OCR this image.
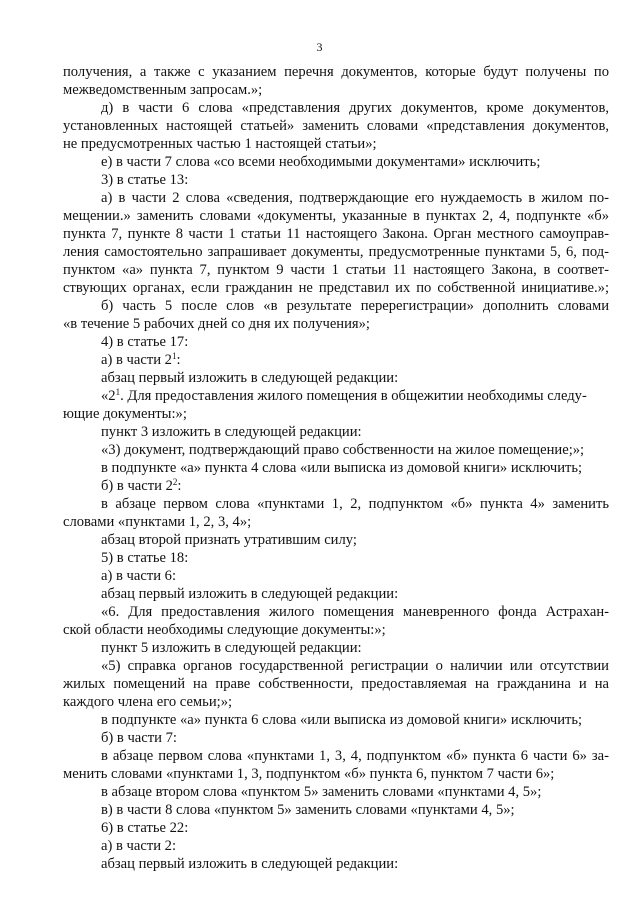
3
получения, а также с указанием перечня документов, которые будут получены по
межведомственным запросам.»;
д) в части 6 слова «представления других документов, кроме документов,
установленных настоящей статьей» заменить словами «представления документов,
не предусмотренных частью 1 настоящей статьи»;
е) в части 7 слова «со всеми необходимыми документами» исключить;
3) в статье 13:
а) в части 2 слова «сведения, подтверждающие его нуждаемость в жилом по-
мещении.» заменить словами «документы, указанные в пунктах 2, 4, подпункте «б»
пункта 7, пункте 8 части 1 статьи 11 настоящего Закона. Орган местного самоуправ-
ления самостоятельно запрашивает документы, предусмотренные пунктами 5, 6, под-
пунктом «а» пункта 7, пунктом 9 части 1 статьи 11 настоящего Закона, в соответ-
ствующих органах, если гражданин не представил их по собственной инициативе.»;
б) часть 5 после слов «в результате перерегистрации» дополнить словами
«в течение 5 рабочих дней со дня их получения»;
4) в статье 17:
а) в части $2^1$:
абзац первый изложить в следующей редакции:
«$2^1$. Для предоставления жилого помещения в общежитии необходимы следу-
ющие документы:»;
пункт 3 изложить в следующей редакции:
«3) документ, подтверждающий право собственности на жилое помещение;»;
в подпункте «а» пункта 4 слова «или выписка из домовой книги» исключить;
б) в части $2^2$:
в абзаце первом слова «пунктами 1, 2, подпунктом «б» пункта 4» заменить
словами «пунктами 1, 2, 3, 4»;
абзац второй признать утратившим силу;
5) в статье 18:
а) в части 6:
абзац первый изложить в следующей редакции:
«6. Для предоставления жилого помещения маневренного фонда Астрахан-
ской области необходимы следующие документы:»;
пункт 5 изложить в следующей редакции:
«5) справка органов государственной регистрации о наличии или отсутствии
жилых помещений на праве собственности, предоставляемая на гражданина и на
каждого члена его семьи;»;
в подпункте «а» пункта 6 слова «или выписка из домовой книги» исключить;
б) в части 7:
в абзаце первом слова «пунктами 1, 3, 4, подпунктом «б» пункта 6 части 6» за-
менить словами «пунктами 1, 3, подпунктом «б» пункта 6, пунктом 7 части 6»;
в абзаце втором слова «пунктом 5» заменить словами «пунктами 4, 5»;
в) в части 8 слова «пунктом 5» заменить словами «пунктами 4, 5»;
6) в статье 22:
а) в части 2:
абзац первый изложить в следующей редакции:
